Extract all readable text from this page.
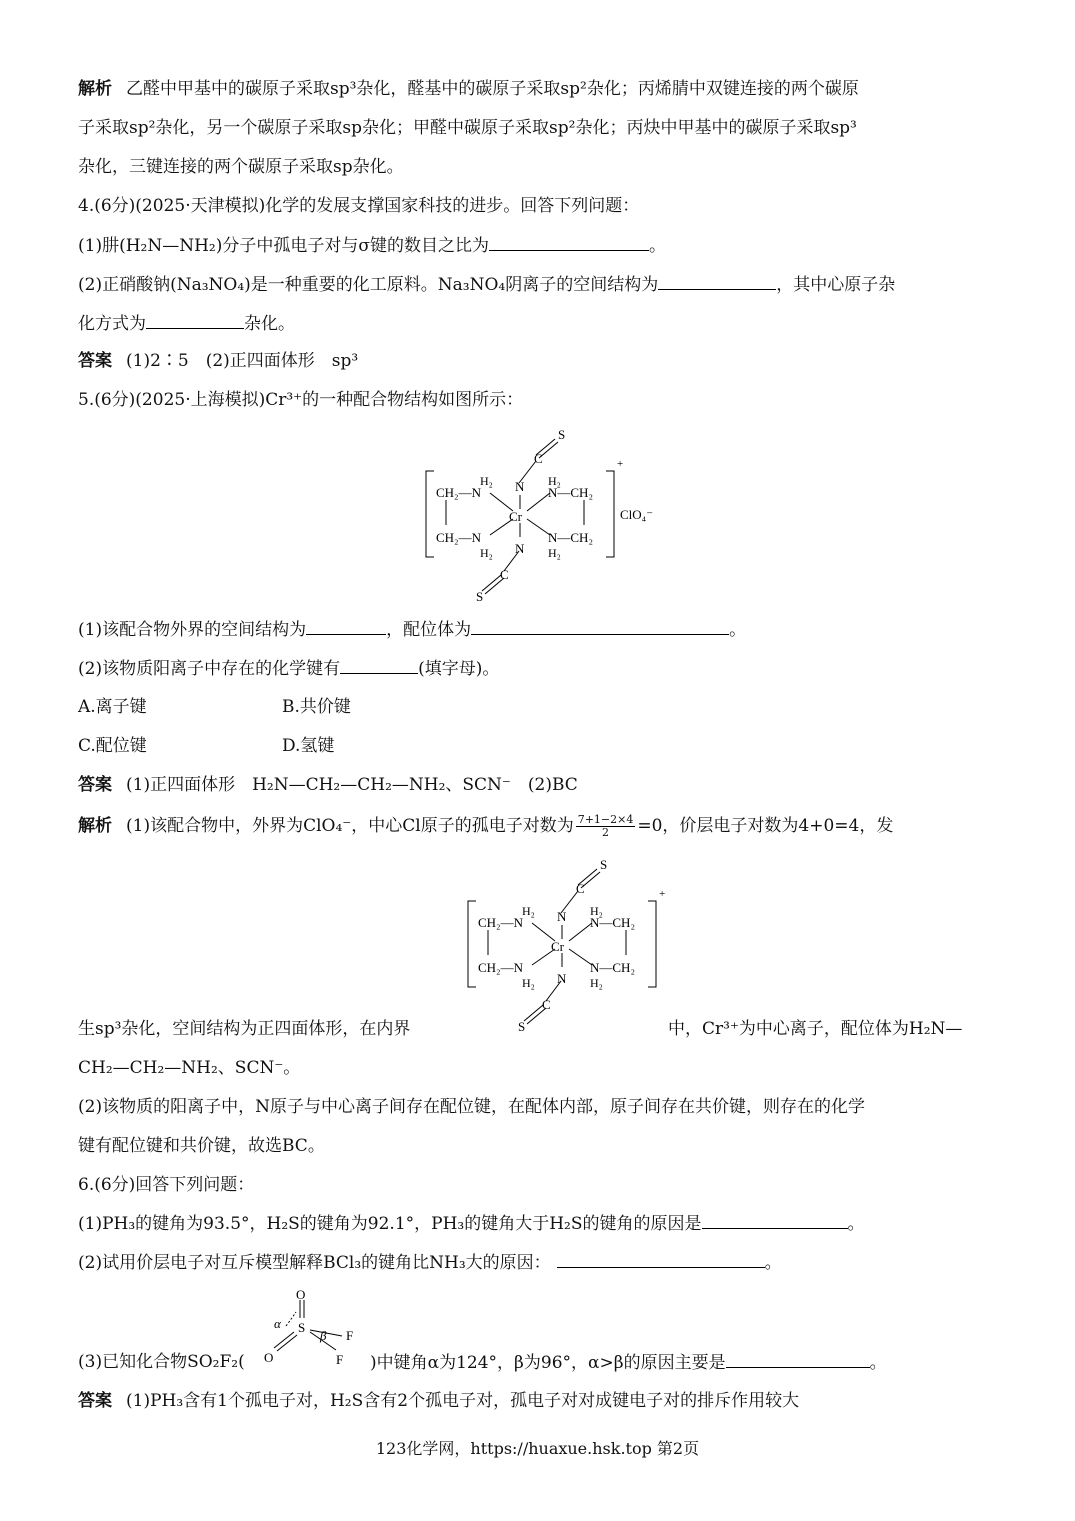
解析 乙醛中甲基中的碳原子采取sp³杂化，醛基中的碳原子采取sp²杂化；丙烯腈中双键连接的两个碳原
子采取sp²杂化，另一个碳原子采取sp杂化；甲醛中碳原子采取sp²杂化；丙炔中甲基中的碳原子采取sp³
杂化，三键连接的两个碳原子采取sp杂化。
4.(6分)(2025·天津模拟)化学的发展支撑国家科技的进步。回答下列问题：
(1)肼(H₂N—NH₂)分子中孤电子对与σ键的数目之比为	。
(2)正硝酸钠(Na₃NO₄)是一种重要的化工原料。Na₃NO₄阴离子的空间结构为	，其中心原子杂
化方式为	杂化。
答案 (1)2∶5　(2)正四面体形　sp³
5.(6分)(2025·上海模拟)Cr³⁺的一种配合物结构如图所示：
S
C
N
H₂
CH₂—N
H₂
N—CH₂
Cr
CH₂—N
H₂
N—CH₂
H₂
N
C
S
+
ClO₄⁻
(1)该配合物外界的空间结构为	，配位体为	。
(2)该物质阳离子中存在的化学键有	(填字母)。
A.离子键	B.共价键
C.配位键	D.氢键
答案 (1)正四面体形　H₂N—CH₂—CH₂—NH₂、SCN⁻　(2)BC
解析 (1)该配合物中，外界为ClO₄⁻，中心Cl原子的孤电子对数为 $\frac{7+1-2\times 4}{2} =0$，价层电子对数为4+0=4，发
S
C
N
H₂
CH₂—N
H₂
N—CH₂
Cr
CH₂—N
H₂
N—CH₂
H₂
N
C
S
+
生sp³杂化，空间结构为正四面体形，在内界	中，Cr³⁺为中心离子，配位体为H₂N—
CH₂—CH₂—NH₂、SCN⁻。
(2)该物质的阳离子中，N原子与中心离子间存在配位键，在配体内部，原子间存在共价键，则存在的化学
键有配位键和共价键，故选BC。
6.(6分)回答下列问题：
(1)PH₃的键角为93.5°，H₂S的键角为92.1°，PH₃的键角大于H₂S的键角的原因是	。
(2)试用价层电子对互斥模型解释BCl₃的键角比NH₃大的原因：	。
O
S
O
F
F
α
β
(3)已知化合物SO₂F₂(	)中键角α为124°，β为96°，α>β的原因主要是	。
答案 (1)PH₃含有1个孤电子对，H₂S含有2个孤电子对，孤电子对对成键电子对的排斥作用较大
123化学网，https://huaxue.hsk.top 第2页
